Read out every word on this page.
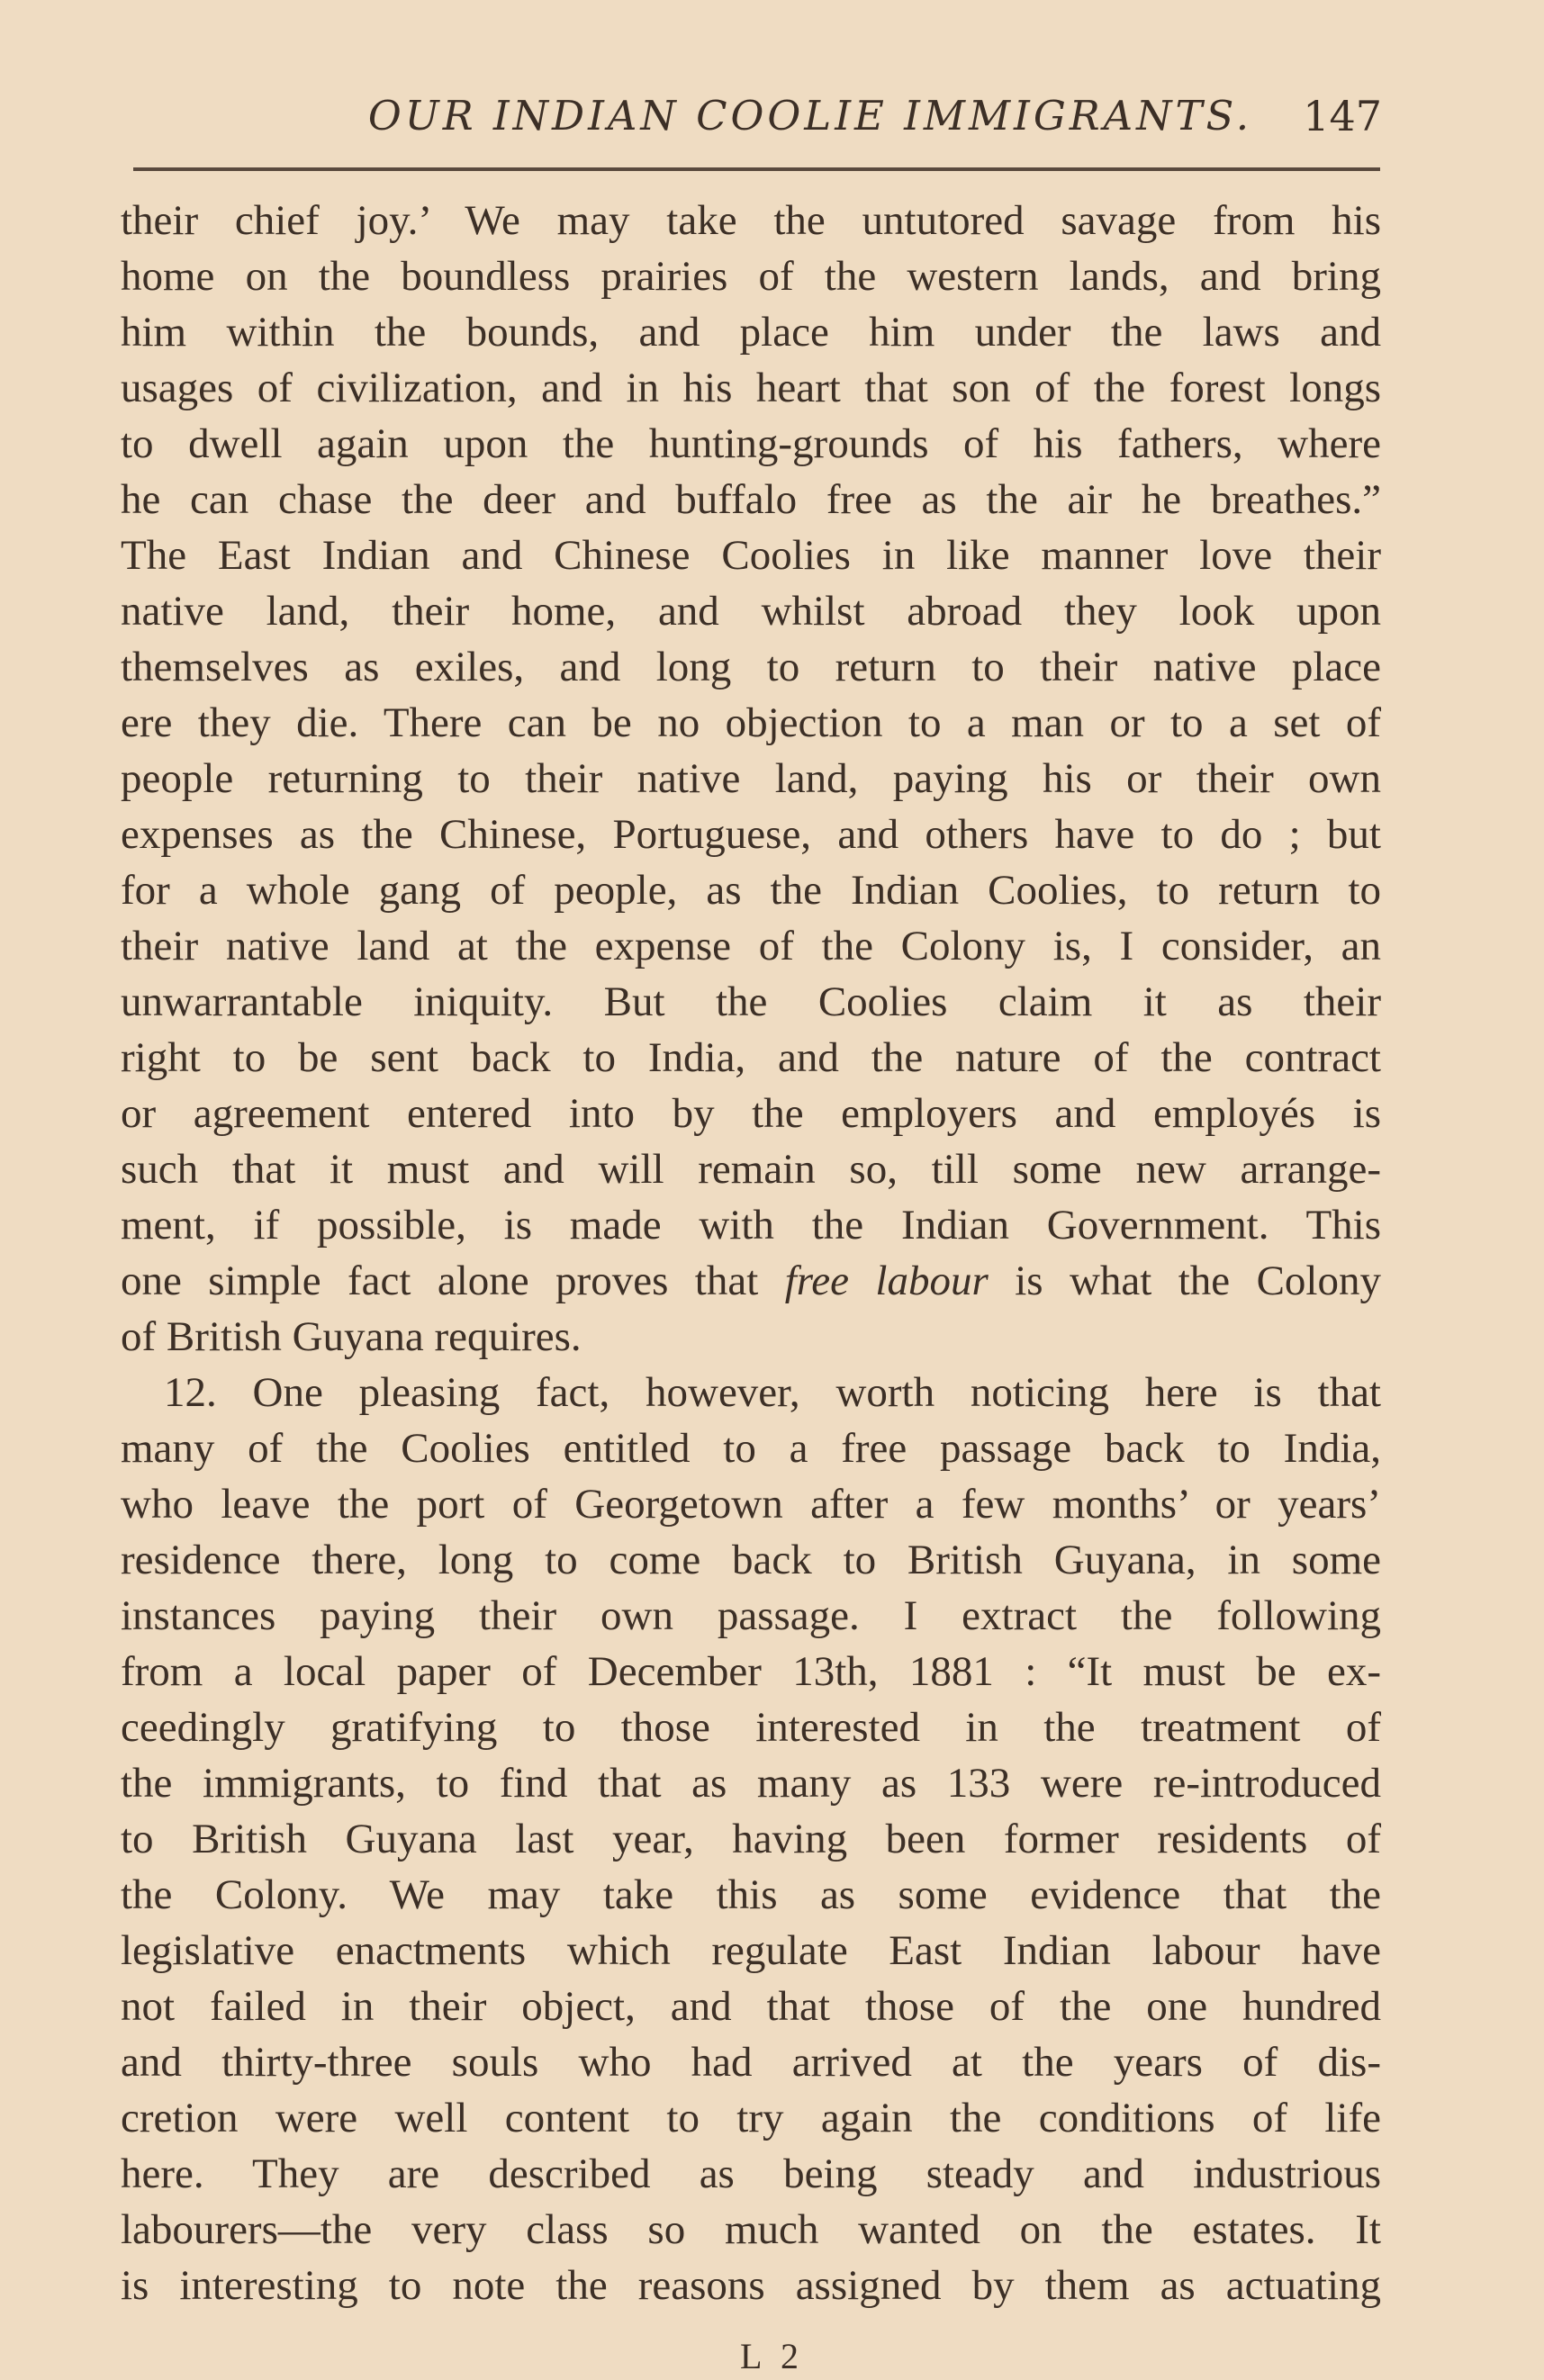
OUR INDIAN COOLIE IMMIGRANTS.	147
their chief joy.’ We may take the untutored savage from his
home on the boundless prairies of the western lands, and bring
him within the bounds, and place him under the laws and
usages of civilization, and in his heart that son of the forest longs
to dwell again upon the hunting-grounds of his fathers, where
he can chase the deer and buffalo free as the air he breathes.”
The East Indian and Chinese Coolies in like manner love their
native land, their home, and whilst abroad they look upon
themselves as exiles, and long to return to their native place
ere they die. There can be no objection to a man or to a set of
people returning to their native land, paying his or their own
expenses as the Chinese, Portuguese, and others have to do ; but
for a whole gang of people, as the Indian Coolies, to return to
their native land at the expense of the Colony is, I consider, an
unwarrantable iniquity. But the Coolies claim it as their
right to be sent back to India, and the nature of the contract
or agreement entered into by the employers and employés is
such that it must and will remain so, till some new arrange-
ment, if possible, is made with the Indian Government. This
one simple fact alone proves that free labour is what the Colony
of British Guyana requires.
12. One pleasing fact, however, worth noticing here is that
many of the Coolies entitled to a free passage back to India,
who leave the port of Georgetown after a few months’ or years’
residence there, long to come back to British Guyana, in some
instances paying their own passage. I extract the following
from a local paper of December 13th, 1881 : “It must be ex-
ceedingly gratifying to those interested in the treatment of
the immigrants, to find that as many as 133 were re-introduced
to British Guyana last year, having been former residents of
the Colony. We may take this as some evidence that the
legislative enactments which regulate East Indian labour have
not failed in their object, and that those of the one hundred
and thirty-three souls who had arrived at the years of dis-
cretion were well content to try again the conditions of life
here. They are described as being steady and industrious
labourers—the very class so much wanted on the estates. It
is interesting to note the reasons assigned by them as actuating
L 2
